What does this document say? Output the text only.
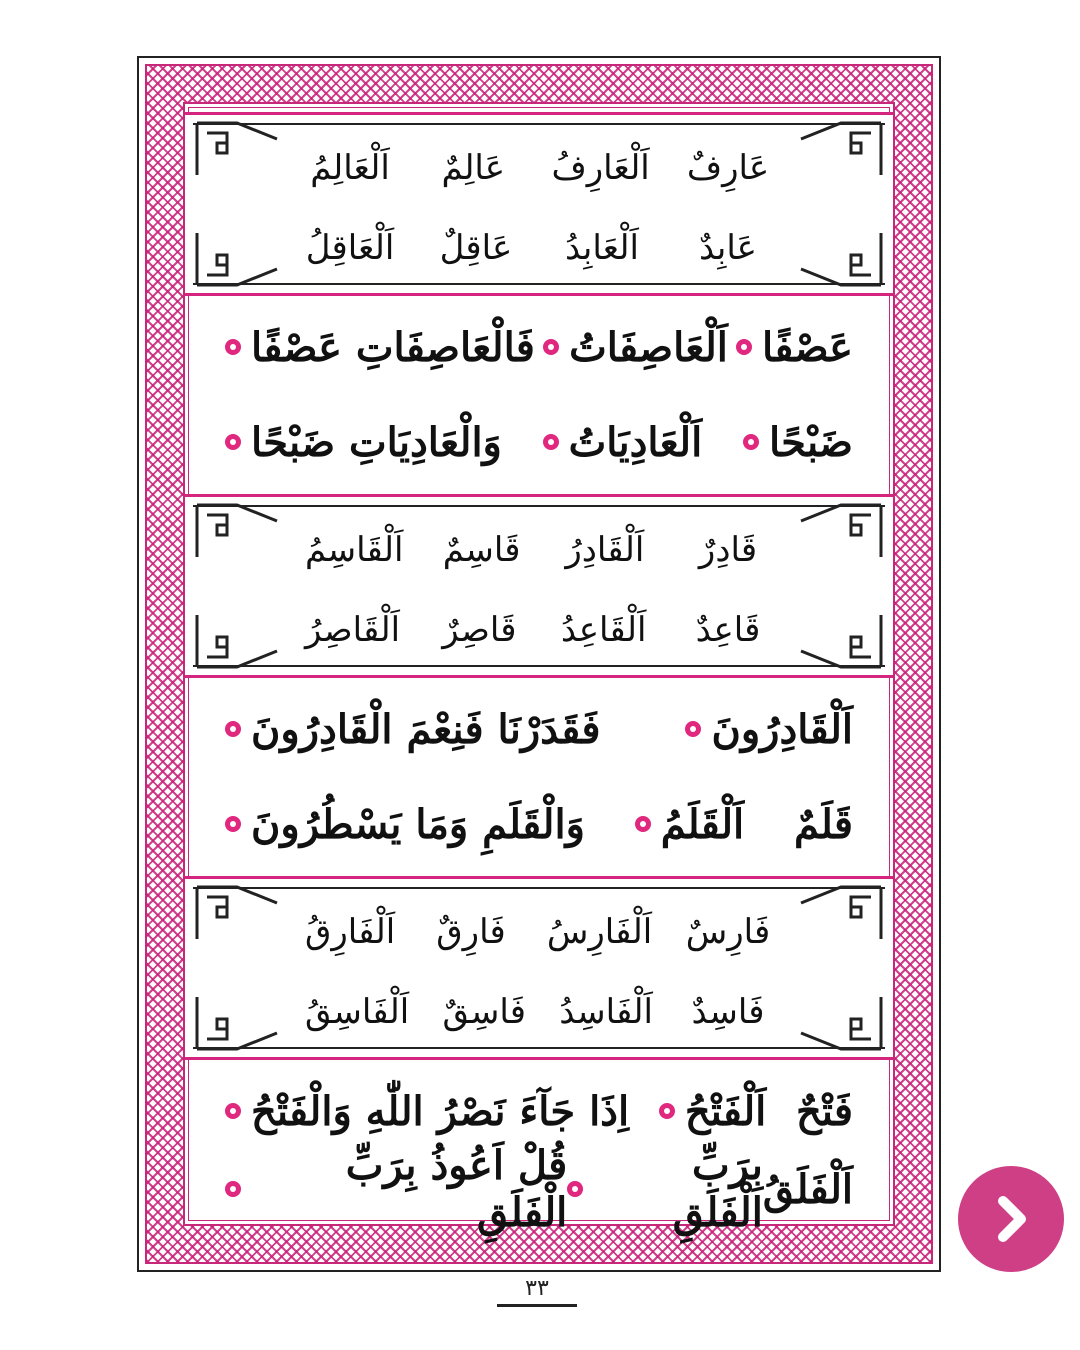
عَارِفٌ
اَلْعَارِفُ
عَالِمٌ
اَلْعَالِمُ
عَابِدٌ
اَلْعَابِدُ
عَاقِلٌ
اَلْعَاقِلُ
عَصْفًا
اَلْعَاصِفَاتُ
فَالْعَاصِفَاتِ عَصْفًا
ضَبْحًا
اَلْعَادِيَاتُ
وَالْعَادِيَاتِ ضَبْحًا
قَادِرٌ
اَلْقَادِرُ
قَاسِمٌ
اَلْقَاسِمُ
قَاعِدٌ
اَلْقَاعِدُ
قَاصِرٌ
اَلْقَاصِرُ
اَلْقَادِرُونَ
فَقَدَرْنَا فَنِعْمَ الْقَادِرُونَ
قَلَمٌ
اَلْقَلَمُ
وَالْقَلَمِ وَمَا يَسْطُرُونَ
فَارِسٌ
اَلْفَارِسُ
فَارِقٌ
اَلْفَارِقُ
فَاسِدٌ
اَلْفَاسِدُ
فَاسِقٌ
اَلْفَاسِقُ
فَتْحٌ
اَلْفَتْحُ
اِذَا جَآءَ نَصْرُ اللّٰهِ وَالْفَتْحُ
اَلْفَلَقُ
بِرَبِّ الْفَلَقِ
قُلْ اَعُوذُ بِرَبِّ الْفَلَقِ
٣٣
